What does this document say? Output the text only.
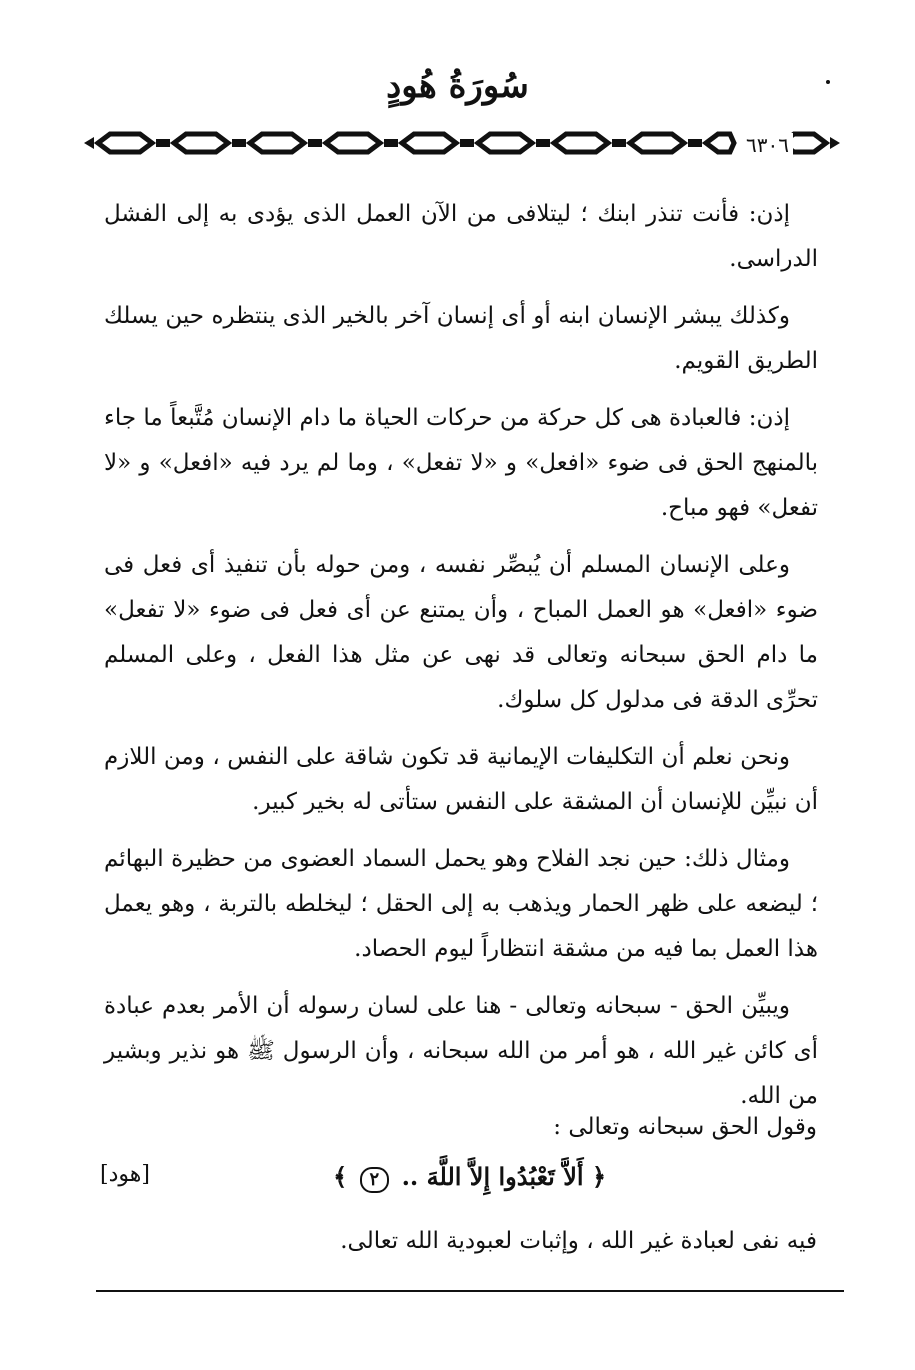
سُورَةُ هُودٍ
٦٣٠٦

إذن: فأنت تنذر ابنك ؛ ليتلافى من الآن العمل الذى يؤدى به إلى الفشل الدراسى.

وكذلك يبشر الإنسان ابنه أو أى إنسان آخر بالخير الذى ينتظره حين يسلك الطريق القويم.

إذن: فالعبادة هى كل حركة من حركات الحياة ما دام الإنسان مُتَّبعاً ما جاء بالمنهج الحق فى ضوء «افعل» و «لا تفعل» ، وما لم يرد فيه «افعل» و «لا تفعل» فهو مباح.

وعلى الإنسان المسلم أن يُبصِّر نفسه ، ومن حوله بأن تنفيذ أى فعل فى ضوء «افعل» هو العمل المباح ، وأن يمتنع عن أى فعل فى ضوء «لا تفعل» ما دام الحق سبحانه وتعالى قد نهى عن مثل هذا الفعل ، وعلى المسلم تحرِّى الدقة فى مدلول كل سلوك.

ونحن نعلم أن التكليفات الإيمانية قد تكون شاقة على النفس ، ومن اللازم أن نبيِّن للإنسان أن المشقة على النفس ستأتى له بخير كبير.

ومثال ذلك: حين نجد الفلاح وهو يحمل السماد العضوى من حظيرة البهائم ؛ ليضعه على ظهر الحمار ويذهب به إلى الحقل ؛ ليخلطه بالتربة ، وهو يعمل هذا العمل بما فيه من مشقة انتظاراً ليوم الحصاد.

ويبيِّن الحق - سبحانه وتعالى - هنا على لسان رسوله أن الأمر بعدم عبادة أى كائن غير الله ، هو أمر من الله سبحانه ، وأن الرسول ﷺ هو نذير وبشير من الله.

وقول الحق سبحانه وتعالى :
﴿ أَلاَّ تَعْبُدُوا إِلاَّ اللَّهَ .. ٢ ﴾
[هود]
فيه نفى لعبادة غير الله ، وإثبات لعبودية الله تعالى.
